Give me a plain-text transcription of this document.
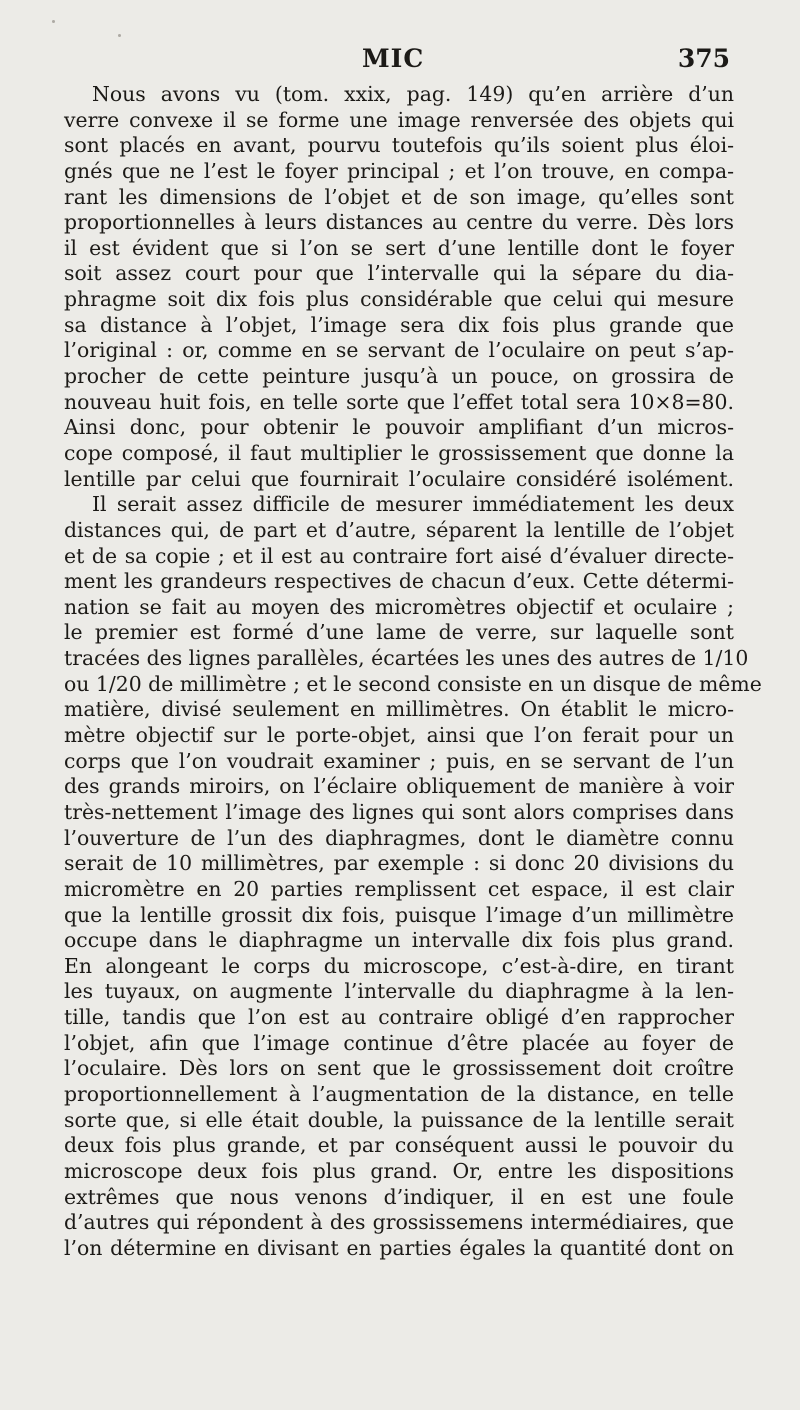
MIC	375
Nous avons vu (tom. xxix, pag. 149) qu’en arrière d’un
verre convexe il se forme une image renversée des objets qui
sont placés en avant, pourvu toutefois qu’ils soient plus éloi-
gnés que ne l’est le foyer principal ; et l’on trouve, en compa-
rant les dimensions de l’objet et de son image, qu’elles sont
proportionnelles à leurs distances au centre du verre. Dès lors
il est évident que si l’on se sert d’une lentille dont le foyer
soit assez court pour que l’intervalle qui la sépare du dia-
phragme soit dix fois plus considérable que celui qui mesure
sa distance à l’objet, l’image sera dix fois plus grande que
l’original : or, comme en se servant de l’oculaire on peut s’ap-
procher de cette peinture jusqu’à un pouce, on grossira de
nouveau huit fois, en telle sorte que l’effet total sera 10×8=80.
Ainsi donc, pour obtenir le pouvoir amplifiant d’un micros-
cope composé, il faut multiplier le grossissement que donne la
lentille par celui que fournirait l’oculaire considéré isolément.
Il serait assez difficile de mesurer immédiatement les deux
distances qui, de part et d’autre, séparent la lentille de l’objet
et de sa copie ; et il est au contraire fort aisé d’évaluer directe-
ment les grandeurs respectives de chacun d’eux. Cette détermi-
nation se fait au moyen des micromètres objectif et oculaire ;
le premier est formé d’une lame de verre, sur laquelle sont
tracées des lignes parallèles, écartées les unes des autres de 1/10
ou 1/20 de millimètre ; et le second consiste en un disque de même
matière, divisé seulement en millimètres. On établit le micro-
mètre objectif sur le porte-objet, ainsi que l’on ferait pour un
corps que l’on voudrait examiner ; puis, en se servant de l’un
des grands miroirs, on l’éclaire obliquement de manière à voir
très-nettement l’image des lignes qui sont alors comprises dans
l’ouverture de l’un des diaphragmes, dont le diamètre connu
serait de 10 millimètres, par exemple : si donc 20 divisions du
micromètre en 20 parties remplissent cet espace, il est clair
que la lentille grossit dix fois, puisque l’image d’un millimètre
occupe dans le diaphragme un intervalle dix fois plus grand.
En alongeant le corps du microscope, c’est-à-dire, en tirant
les tuyaux, on augmente l’intervalle du diaphragme à la len-
tille, tandis que l’on est au contraire obligé d’en rapprocher
l’objet, afin que l’image continue d’être placée au foyer de
l’oculaire. Dès lors on sent que le grossissement doit croître
proportionnellement à l’augmentation de la distance, en telle
sorte que, si elle était double, la puissance de la lentille serait
deux fois plus grande, et par conséquent aussi le pouvoir du
microscope deux fois plus grand. Or, entre les dispositions
extrêmes que nous venons d’indiquer, il en est une foule
d’autres qui répondent à des grossissemens intermédiaires, que
l’on détermine en divisant en parties égales la quantité dont on
